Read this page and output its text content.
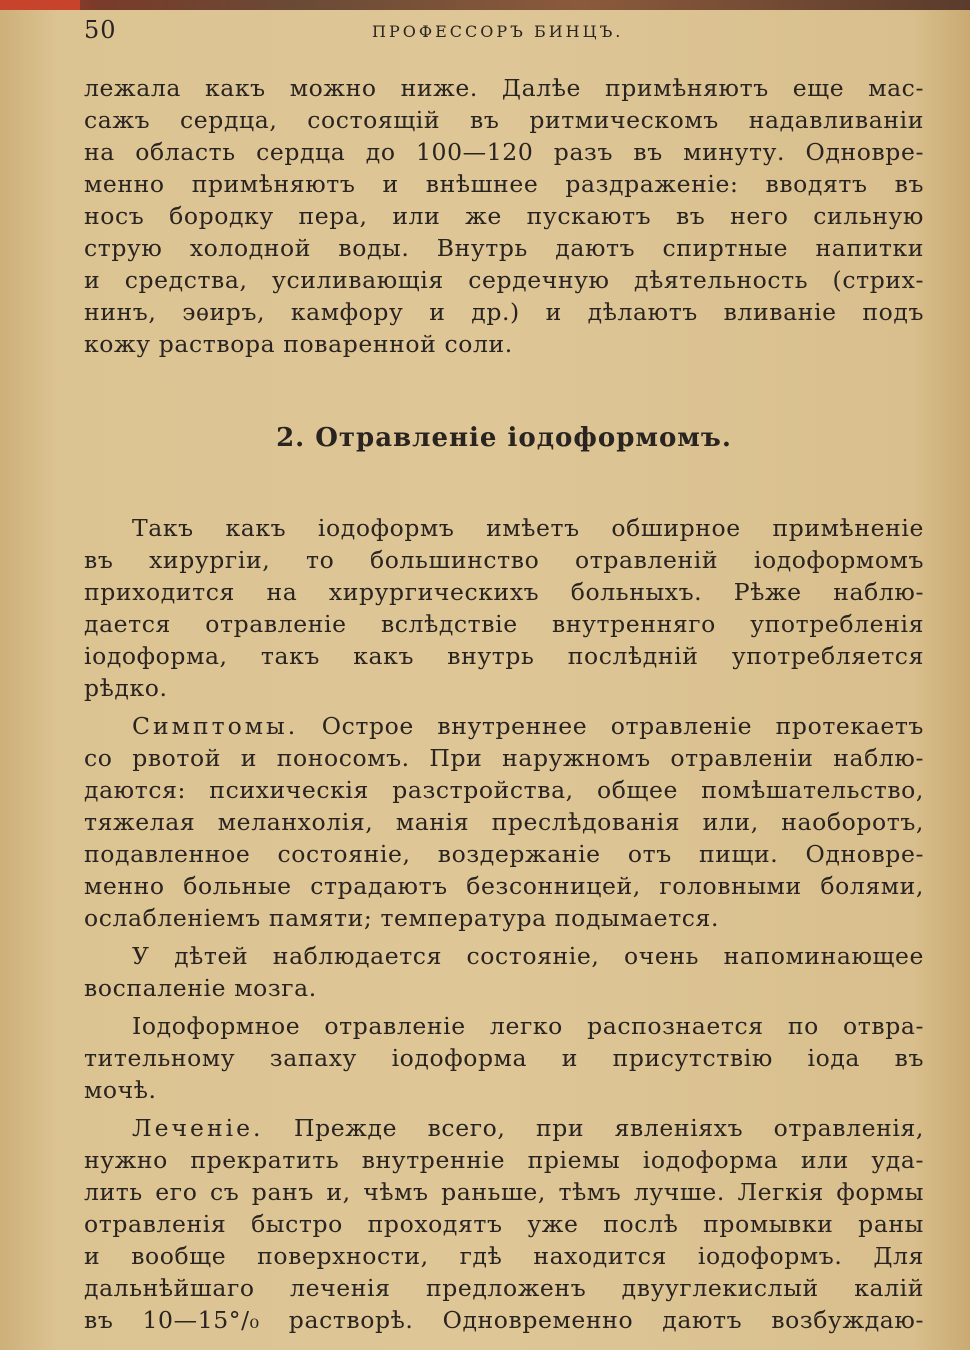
50	ПРОФЕССОРЪ БИНЦЪ.
лежала какъ можно ниже. Далѣе примѣняютъ еще мас-
сажъ сердца, состоящій въ ритмическомъ надавливаніи
на область сердца до 100—120 разъ въ минуту. Одновре-
менно примѣняютъ и внѣшнее раздраженіе: вводятъ въ
носъ бородку пера, или же пускаютъ въ него сильную
струю холодной воды. Внутрь даютъ спиртные напитки
и средства, усиливающія сердечную дѣятельность (стрих-
нинъ, эѳиръ, камфору и др.) и дѣлаютъ вливаніе подъ
кожу раствора поваренной соли.
2. Отравленіе іодоформомъ.
Такъ какъ іодоформъ имѣетъ обширное примѣненіе
въ хирургіи, то большинство отравленій іодоформомъ
приходится на хирургическихъ больныхъ. Рѣже наблю-
дается отравленіе вслѣдствіе внутренняго употребленія
іодоформа, такъ какъ внутрь послѣдній употребляется
рѣдко.
Симптомы. Острое внутреннее отравленіе протекаетъ
со рвотой и поносомъ. При наружномъ отравленіи наблю-
даются: психическія разстройства, общее помѣшательство,
тяжелая меланхолія, манія преслѣдованія или, наоборотъ,
подавленное состояніе, воздержаніе отъ пищи. Одновре-
менно больные страдаютъ безсонницей, головными болями,
ослабленіемъ памяти; температура подымается.
У дѣтей наблюдается состояніе, очень напоминающее
воспаленіе мозга.
Іодоформное отравленіе легко распознается по отвра-
тительному запаху іодоформа и присутствію іода въ
мочѣ.
Леченіе. Прежде всего, при явленіяхъ отравленія,
нужно прекратить внутренніе пріемы іодоформа или уда-
лить его съ ранъ и, чѣмъ раньше, тѣмъ лучше. Легкія формы
отравленія быстро проходятъ уже послѣ промывки раны
и вообще поверхности, гдѣ находится іодоформъ. Для
дальнѣйшаго леченія предложенъ двууглекислый калій
въ 10—15°/₀ растворѣ. Одновременно даютъ возбуждаю-
